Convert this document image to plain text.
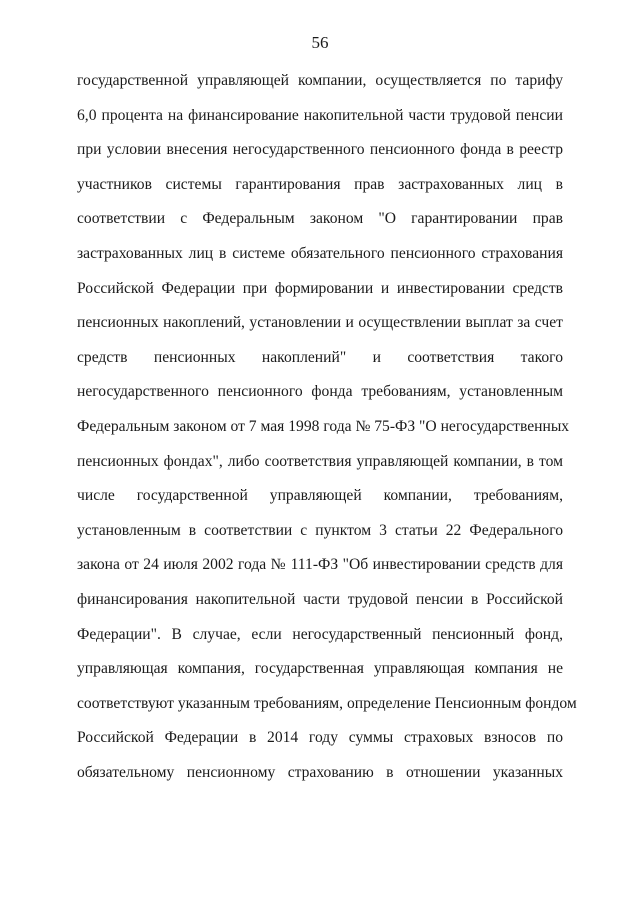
56
государственной управляющей компании, осуществляется по тарифу
6,0 процента на финансирование накопительной части трудовой пенсии
при условии внесения негосударственного пенсионного фонда в реестр
участников системы гарантирования прав застрахованных лиц в
соответствии с Федеральным законом "О гарантировании прав
застрахованных лиц в системе обязательного пенсионного страхования
Российской Федерации при формировании и инвестировании средств
пенсионных накоплений, установлении и осуществлении выплат за счет
средств пенсионных накоплений" и соответствия такого
негосударственного пенсионного фонда требованиям, установленным
Федеральным законом от 7 мая 1998 года № 75-ФЗ "О негосударственных
пенсионных фондах", либо соответствия управляющей компании, в том
числе государственной управляющей компании, требованиям,
установленным в соответствии с пунктом 3 статьи 22 Федерального
закона от 24 июля 2002 года № 111-ФЗ "Об инвестировании средств для
финансирования накопительной части трудовой пенсии в Российской
Федерации". В случае, если негосударственный пенсионный фонд,
управляющая компания, государственная управляющая компания не
соответствуют указанным требованиям, определение Пенсионным фондом
Российской Федерации в 2014 году суммы страховых взносов по
обязательному пенсионному страхованию в отношении указанных
